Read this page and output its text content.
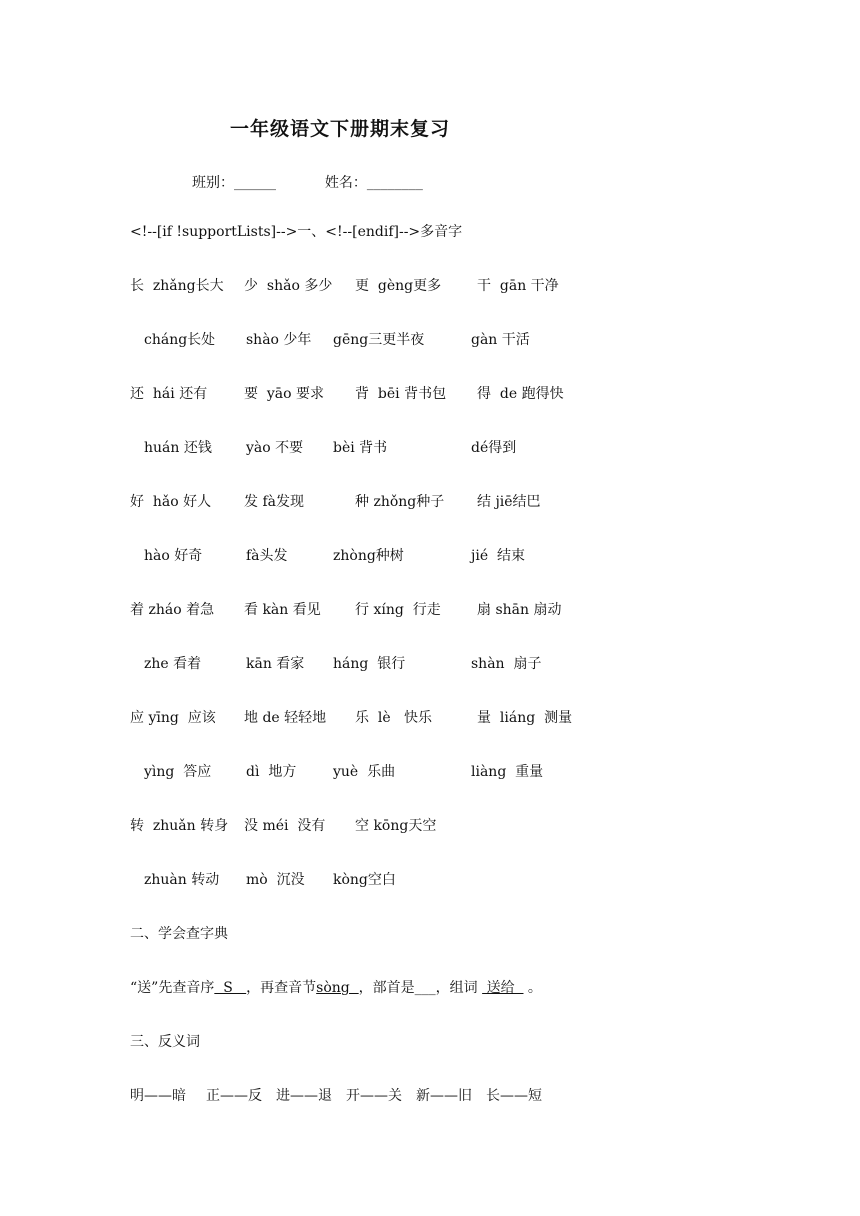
一年级语文下册期末复习
班别：______	姓名：________
<!--[if !supportLists]-->一、<!--[endif]-->多音字
长  zhǎng长大 少  shǎo 多少 更  gèng更多	干  gān 干净
cháng长处 shào 少年 gēng三更半夜	gàn 干活
还  hái 还有	要  yāo 要求 背  bēi 背书包 得  de 跑得快
huán 还钱 yào 不要 bèi 背书	dé得到
好  hǎo 好人 发 fà发现	种 zhǒng种子 结 jiē结巴
hào 好奇	fà头发	zhòng种树	jié  结束
着 zháo 着急 看 kàn 看见 行 xíng  行走	扇 shān 扇动
zhe 看着	kān 看家 háng  银行	shàn  扇子
应 yīng  应该 地 de 轻轻地 乐  lè   快乐	量  liáng  测量
yìng  答应 dì  地方	yuè  乐曲	liàng  重量
转  zhuǎn 转身 没 méi  没有 空 kōng天空
zhuàn 转动 mò  沉没 kòng空白
二、学会查字典
“送”先查音序  S   ，再查音节sòng  ，部首是___，组词  送给   。
三、反义词
明——暗 正——反 进——退 开——关 新——旧 长——短
